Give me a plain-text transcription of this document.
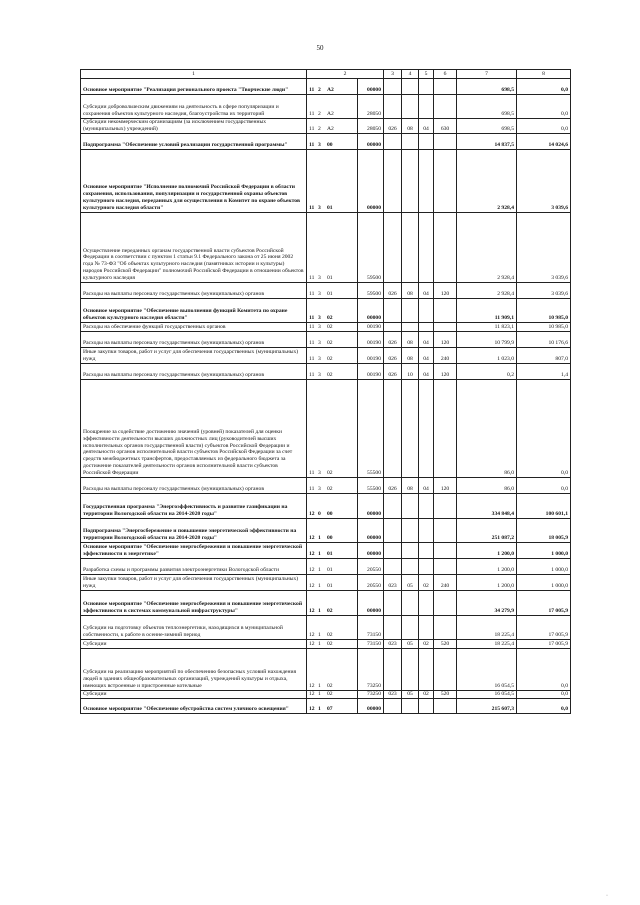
50
1	2		3	4	5	6	7	8
Основное мероприятие "Реализация регионального проекта "Творческие люди"	11 2 А2	00000					698,5	0,0
Субсидии добровольческим движениям на деятельность в сфере популяризации и сохранения объектов культурного наследия, благоустройства их территорий	11 2 А2	28050					698,5	0,0
Субсидии некоммерческим организациям (за исключением государственных (муниципальных) учреждений)	11 2 А2	28050	026	08	04	630	698,5	0,0
Подпрограмма "Обеспечение условий реализации государственной программы"	11 3 00	00000					14 837,5	14 024,6
Основное мероприятие "Исполнение полномочий Российской Федерации в области сохранения, использования, популяризации и государственной охраны объектов культурного наследия, переданных для осуществления в Комитет по охране объектов культурного наследия области"	11 3 01	00000					2 928,4	3 039,6
Осуществление переданных органам государственной власти субъектов Российской Федерации в соответствии с пунктом 1 статьи 9.1 Федерального закона от 25 июня 2002 года № 73-ФЗ "Об объектах культурного наследия (памятниках истории и культуры) народов Российской Федерации" полномочий Российской Федерации в отношении объектов культурного наследия	11 3 01	59500					2 928,4	3 039,6
Расходы на выплаты персоналу государственных (муниципальных) органов	11 3 01	59500	026	08	04	120	2 928,4	3 039,6
Основное мероприятие "Обеспечение выполнения функций Комитета по охране объектов культурного наследия области"	11 3 02	00000					11 909,1	10 985,0
Расходы на обеспечение функций государственных органов	11 3 02	00190					11 823,1	10 985,0
Расходы на выплаты персоналу государственных (муниципальных) органов	11 3 02	00190	026	08	04	120	10 799,9	10 176,6
Иные закупки товаров, работ и услуг для обеспечения государственных (муниципальных) нужд	11 3 02	00190	026	08	04	240	1 023,0	807,0
Расходы на выплаты персоналу государственных (муниципальных) органов	11 3 02	00190	026	10	04	120	0,2	1,4
Поощрение за содействие достижению значений (уровней) показателей для оценки эффективности деятельности высших должностных лиц (руководителей высших исполнительных органов государственной власти) субъектов Российской Федерации и деятельности органов исполнительной власти субъектов Российской Федерации за счет средств межбюджетных трансфертов, предоставляемых из федерального бюджета за достижение показателей деятельности органов исполнительной власти субъектов Российской Федерации	11 3 02	55500					86,0	0,0
Расходы на выплаты персоналу государственных (муниципальных) органов	11 3 02	55500	026	08	04	120	86,0	0,0
Государственная программа "Энергоэффективность и развитие газификации на территории Вологодской области на 2014-2020 годы"	12 0 00	00000					334 848,4	100 601,1
Подпрограмма "Энергосбережение и повышение энергетической эффективности на территории Вологодской области на 2014-2020 годы"	12 1 00	00000					251 087,2	18 005,9
Основное мероприятие "Обеспечение энергосбережения и повышение энергетической эффективности в энергетике"	12 1 01	00000					1 200,0	1 000,0
Разработка схемы и программы развития электроэнергетики Вологодской области	12 1 01	20550					1 200,0	1 000,0
Иные закупки товаров, работ и услуг для обеспечения государственных (муниципальных) нужд	12 1 01	20550	023	05	02	240	1 200,0	1 000,0
Основное мероприятие "Обеспечение энергосбережения и повышение энергетической эффективности в системах коммунальной инфраструктуры"	12 1 02	00000					34 279,9	17 005,9
Субсидии на подготовку объектов теплоэнергетики, находящихся в муниципальной собственности, к работе в осенне-зимний период	12 1 02	73150					18 225,4	17 005,9
Субсидии	12 1 02	73150	023	05	02	520	18 225,4	17 005,9
Субсидии на реализацию мероприятий по обеспечению безопасных условий нахождения людей в зданиях общеобразовательных организаций, учреждений культуры и отдыха, имеющих встроенные и пристроенные котельные	12 1 02	73250					16 054,5	0,0
Субсидии	12 1 02	73250	023	05	02	520	16 054,5	0,0
Основное мероприятие "Обеспечение обустройства систем уличного освещения"	12 1 07	00000					215 607,3	0,0
·
